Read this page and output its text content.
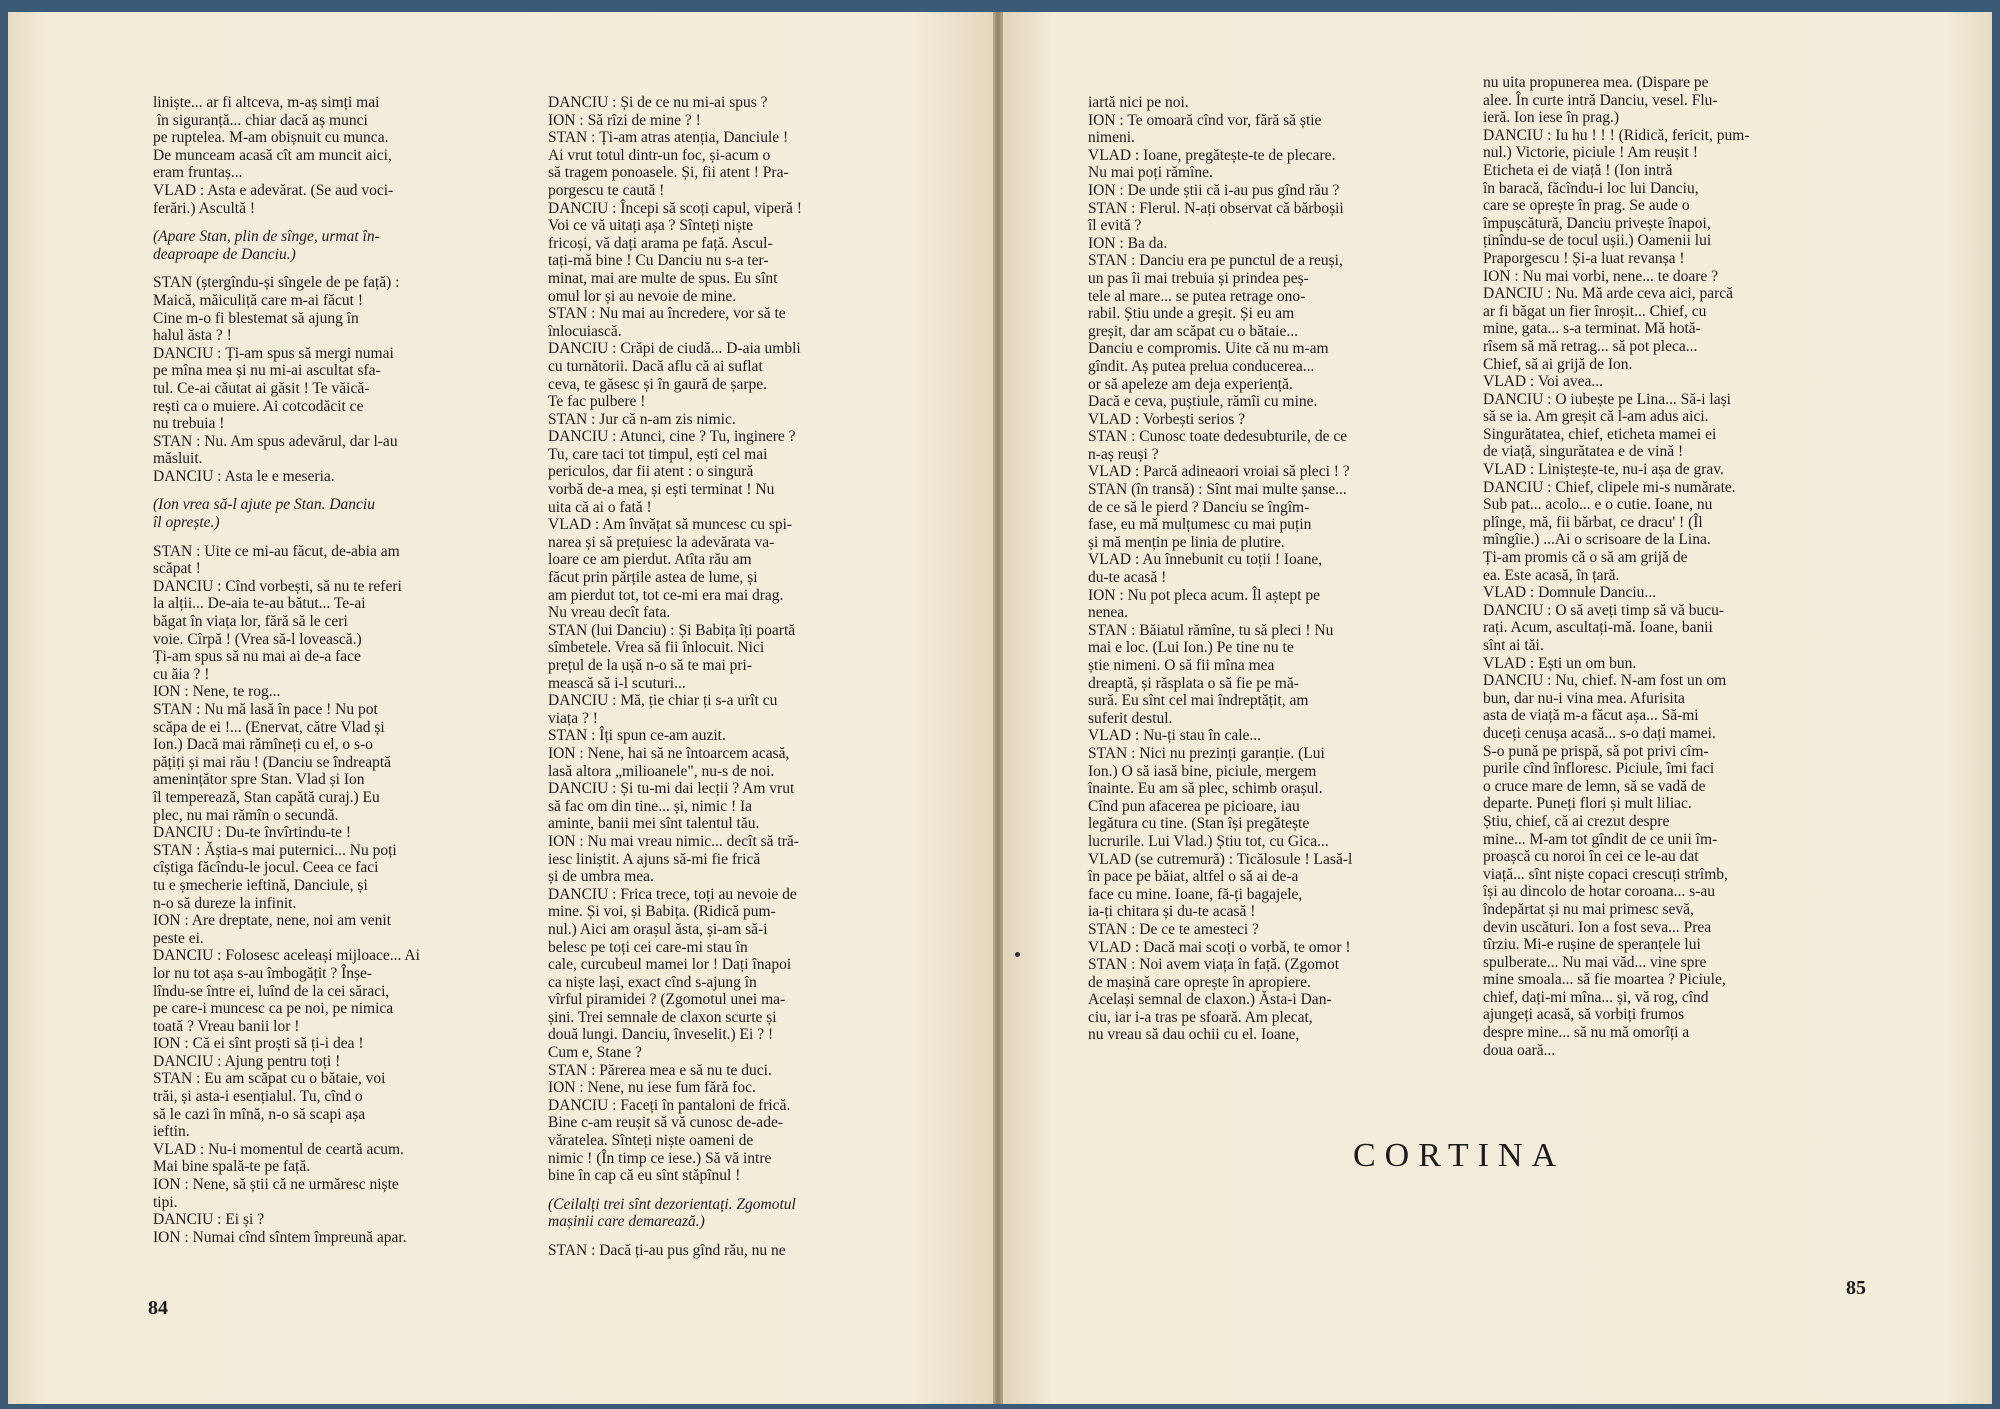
liniște... ar fi altceva, m-aș simți mai

în siguranță... chiar dacă aș munci

pe ruptelea. M-am obișnuit cu munca.

De munceam acasă cît am muncit aici,

eram fruntaș...

VLAD : Asta e adevărat. (Se aud voci-

ferări.) Ascultă !

(Apare Stan, plin de sînge, urmat în-

deaproape de Danciu.)

STAN (ștergîndu-și sîngele de pe față) :

Maică, măiculiță care m-ai făcut !

Cine m-o fi blestemat să ajung în

halul ăsta ? !

DANCIU : Ți-am spus să mergi numai

pe mîna mea și nu mi-ai ascultat sfa-

tul. Ce-ai căutat ai găsit ! Te văică-

rești ca o muiere. Ai cotcodăcit ce

nu trebuia !

STAN : Nu. Am spus adevărul, dar l-au

măsluit.

DANCIU : Asta le e meseria.

(Ion vrea să-l ajute pe Stan. Danciu

îl oprește.)

STAN : Uite ce mi-au făcut, de-abia am

scăpat !

DANCIU : Cînd vorbești, să nu te referi

la alții... De-aia te-au bătut... Te-ai

băgat în viața lor, fără să le ceri

voie. Cîrpă ! (Vrea să-l lovească.)

Ți-am spus să nu mai ai de-a face

cu ăia ? !

ION : Nene, te rog...

STAN : Nu mă lasă în pace ! Nu pot

scăpa de ei !... (Enervat, către Vlad și

Ion.) Dacă mai rămîneți cu el, o s-o

pățiți și mai rău ! (Danciu se îndreaptă

amenințător spre Stan. Vlad și Ion

îl temperează, Stan capătă curaj.) Eu

plec, nu mai rămîn o secundă.

DANCIU : Du-te învîrtindu-te !

STAN : Ăștia-s mai puternici... Nu poți

cîștiga făcîndu-le jocul. Ceea ce faci

tu e șmecherie ieftină, Danciule, și

n-o să dureze la infinit.

ION : Are dreptate, nene, noi am venit

peste ei.

DANCIU : Folosesc aceleași mijloace... Ai

lor nu tot așa s-au îmbogățit ? Înșe-

lîndu-se între ei, luînd de la cei săraci,

pe care-i muncesc ca pe noi, pe nimica

toată ? Vreau banii lor !

ION : Că ei sînt proști să ți-i dea !

DANCIU : Ajung pentru toți !

STAN : Eu am scăpat cu o bătaie, voi

trăi, și asta-i esențialul. Tu, cînd o

să le cazi în mînă, n-o să scapi așa

ieftin.

VLAD : Nu-i momentul de ceartă acum.

Mai bine spală-te pe față.

ION : Nene, să știi că ne urmăresc niște

tipi.

DANCIU : Ei și ?

ION : Numai cînd sîntem împreună apar.

DANCIU : Și de ce nu mi-ai spus ?

ION : Să rîzi de mine ? !

STAN : Ți-am atras atenția, Danciule !

Ai vrut totul dintr-un foc, și-acum o

să tragem ponoasele. Și, fii atent ! Pra-

porgescu te caută !

DANCIU : Începi să scoți capul, viperă !

Voi ce vă uitați așa ? Sînteți niște

fricoși, vă dați arama pe față. Ascul-

tați-mă bine ! Cu Danciu nu s-a ter-

minat, mai are multe de spus. Eu sînt

omul lor și au nevoie de mine.

STAN : Nu mai au încredere, vor să te

înlocuiască.

DANCIU : Crăpi de ciudă... D-aia umbli

cu turnătorii. Dacă aflu că ai suflat

ceva, te găsesc și în gaură de șarpe.

Te fac pulbere !

STAN : Jur că n-am zis nimic.

DANCIU : Atunci, cine ? Tu, inginere ?

Tu, care taci tot timpul, ești cel mai

periculos, dar fii atent : o singură

vorbă de-a mea, și ești terminat ! Nu

uita că ai o fată !

VLAD : Am învățat să muncesc cu spi-

narea și să prețuiesc la adevărata va-

loare ce am pierdut. Atîta rău am

făcut prin părțile astea de lume, și

am pierdut tot, tot ce-mi era mai drag.

Nu vreau decît fata.

STAN (lui Danciu) : Și Babița îți poartă

sîmbetele. Vrea să fii înlocuit. Nici

prețul de la ușă n-o să te mai pri-

mească să i-l scuturi...

DANCIU : Mă, ție chiar ți s-a urît cu

viața ? !

STAN : Îți spun ce-am auzit.

ION : Nene, hai să ne întoarcem acasă,

lasă altora „milioanele", nu-s de noi.

DANCIU : Și tu-mi dai lecții ? Am vrut

să fac om din tine... și, nimic ! Ia

aminte, banii mei sînt talentul tău.

ION : Nu mai vreau nimic... decît să tră-

iesc liniștit. A ajuns să-mi fie frică

și de umbra mea.

DANCIU : Frica trece, toți au nevoie de

mine. Și voi, și Babița. (Ridică pum-

nul.) Aici am orașul ăsta, și-am să-i

belesc pe toți cei care-mi stau în

cale, curcubeul mamei lor ! Dați înapoi

ca niște lași, exact cînd s-ajung în

vîrful piramidei ? (Zgomotul unei ma-

șini. Trei semnale de claxon scurte și

două lungi. Danciu, înveselit.) Ei ? !

Cum e, Stane ?

STAN : Părerea mea e să nu te duci.

ION : Nene, nu iese fum fără foc.

DANCIU : Faceți în pantaloni de frică.

Bine c-am reușit să vă cunosc de-ade-

văratelea. Sînteți niște oameni de

nimic ! (În timp ce iese.) Să vă intre

bine în cap că eu sînt stăpînul !

(Ceilalți trei sînt dezorientați. Zgomotul

mașinii care demarează.)

STAN : Dacă ți-au pus gînd rău, nu ne

84

iartă nici pe noi.

ION : Te omoară cînd vor, fără să știe

nimeni.

VLAD : Ioane, pregătește-te de plecare.

Nu mai poți rămîne.

ION : De unde știi că i-au pus gînd rău ?

STAN : Flerul. N-ați observat că bărboșii

îl evită ?

ION : Ba da.

STAN : Danciu era pe punctul de a reuși,

un pas îi mai trebuia și prindea peș-

tele al mare... se putea retrage ono-

rabil. Știu unde a greșit. Și eu am

greșit, dar am scăpat cu o bătaie...

Danciu e compromis. Uite că nu m-am

gîndit. Aș putea prelua conducerea...

or să apeleze am deja experiență.

Dacă e ceva, puștiule, rămîi cu mine.

VLAD : Vorbești serios ?

STAN : Cunosc toate dedesubturile, de ce

n-aș reuși ?

VLAD : Parcă adineaori vroiai să pleci ! ?

STAN (în transă) : Sînt mai multe șanse...

de ce să le pierd ? Danciu se îngîm-

fase, eu mă mulțumesc cu mai puțin

și mă mențin pe linia de plutire.

VLAD : Au înnebunit cu toții ! Ioane,

du-te acasă !

ION : Nu pot pleca acum. Îl aștept pe

nenea.

STAN : Băiatul rămîne, tu să pleci ! Nu

mai e loc. (Lui Ion.) Pe tine nu te

știe nimeni. O să fii mîna mea

dreaptă, și răsplata o să fie pe mă-

sură. Eu sînt cel mai îndreptățit, am

suferit destul.

VLAD : Nu-ți stau în cale...

STAN : Nici nu prezinți garanție. (Lui

Ion.) O să iasă bine, piciule, mergem

înainte. Eu am să plec, schimb orașul.

Cînd pun afacerea pe picioare, iau

legătura cu tine. (Stan își pregătește

lucrurile. Lui Vlad.) Știu tot, cu Gica...

VLAD (se cutremură) : Ticălosule ! Lasă-l

în pace pe băiat, altfel o să ai de-a

face cu mine. Ioane, fă-ți bagajele,

ia-ți chitara și du-te acasă !

STAN : De ce te amesteci ?

VLAD : Dacă mai scoți o vorbă, te omor !

STAN : Noi avem viața în față. (Zgomot

de mașină care oprește în apropiere.

Același semnal de claxon.) Ăsta-i Dan-

ciu, iar i-a tras pe sfoară. Am plecat,

nu vreau să dau ochii cu el. Ioane,

nu uita propunerea mea. (Dispare pe

alee. În curte intră Danciu, vesel. Flu-

ieră. Ion iese în prag.)

DANCIU : Iu hu ! ! ! (Ridică, fericit, pum-

nul.) Victorie, piciule ! Am reușit !

Eticheta ei de viață ! (Ion intră

în baracă, făcîndu-i loc lui Danciu,

care se oprește în prag. Se aude o

împușcătură, Danciu privește înapoi,

ținîndu-se de tocul ușii.) Oamenii lui

Praporgescu ! Și-a luat revanșa !

ION : Nu mai vorbi, nene... te doare ?

DANCIU : Nu. Mă arde ceva aici, parcă

ar fi băgat un fier înroșit... Chief, cu

mine, gata... s-a terminat. Mă hotă-

rîsem să mă retrag... să pot pleca...

Chief, să ai grijă de Ion.

VLAD : Voi avea...

DANCIU : O iubește pe Lina... Să-i lași

să se ia. Am greșit că l-am adus aici.

Singurătatea, chief, eticheta mamei ei

de viață, singurătatea e de vină !

VLAD : Liniștește-te, nu-i așa de grav.

DANCIU : Chief, clipele mi-s numărate.

Sub pat... acolo... e o cutie. Ioane, nu

plînge, mă, fii bărbat, ce dracu' ! (Îl

mîngîie.) ...Ai o scrisoare de la Lina.

Ți-am promis că o să am grijă de

ea. Este acasă, în țară.

VLAD : Domnule Danciu...

DANCIU : O să aveți timp să vă bucu-

rați. Acum, ascultați-mă. Ioane, banii

sînt ai tăi.

VLAD : Ești un om bun.

DANCIU : Nu, chief. N-am fost un om

bun, dar nu-i vina mea. Afurisita

asta de viață m-a făcut așa... Să-mi

duceți cenușa acasă... s-o dați mamei.

S-o pună pe prispă, să pot privi cîm-

purile cînd înfloresc. Piciule, îmi faci

o cruce mare de lemn, să se vadă de

departe. Puneți flori și mult liliac.

Știu, chief, că ai crezut despre

mine... M-am tot gîndit de ce unii îm-

proașcă cu noroi în cei ce le-au dat

viață... sînt niște copaci crescuți strîmb,

își au dincolo de hotar coroana... s-au

îndepărtat și nu mai primesc sevă,

devin uscături. Ion a fost seva... Prea

tîrziu. Mi-e rușine de speranțele lui

spulberate... Nu mai văd... vine spre

mine smoala... să fie moartea ? Piciule,

chief, dați-mi mîna... și, vă rog, cînd

ajungeți acasă, să vorbiți frumos

despre mine... să nu mă omorîți a

doua oară...

CORTINA
85
